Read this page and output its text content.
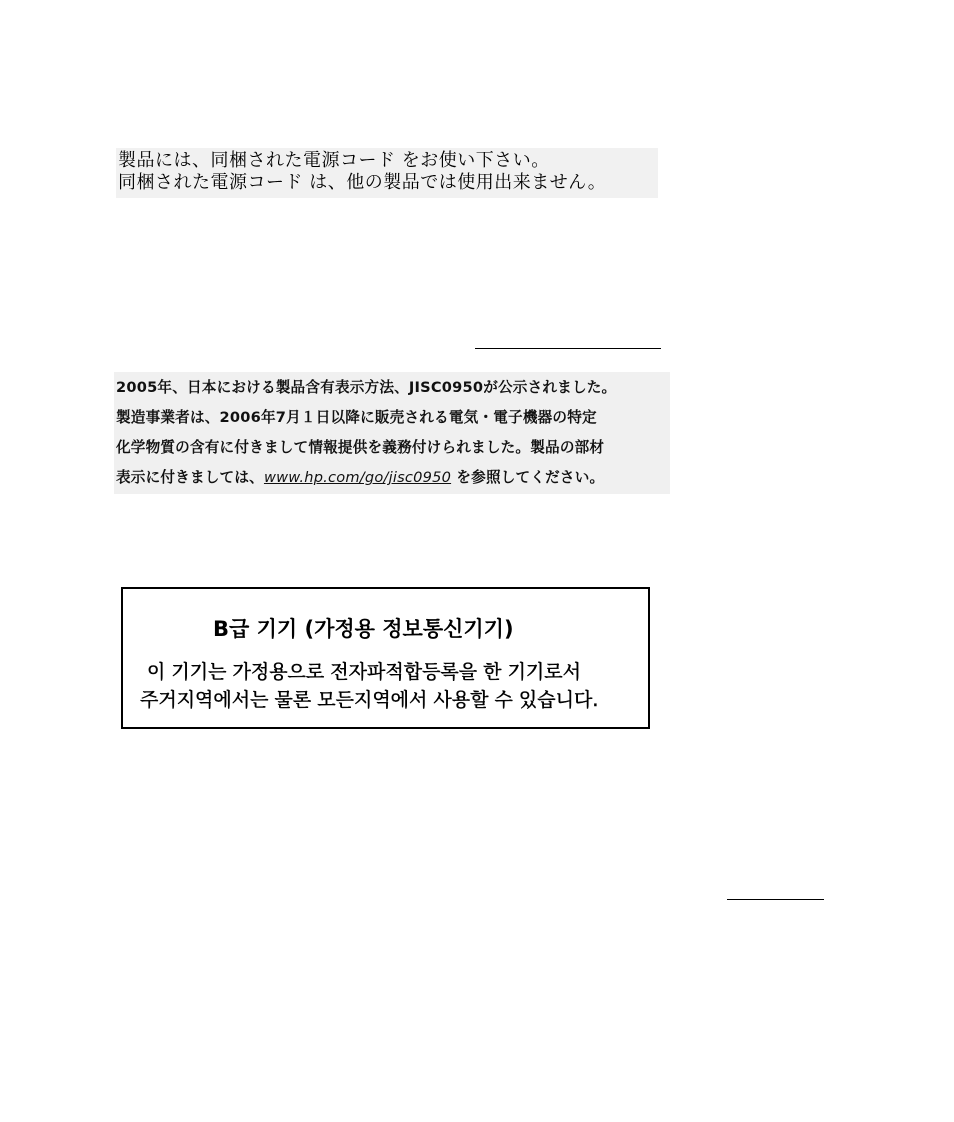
製品には、同梱された電源コード をお使い下さい。
同梱された電源コード は、他の製品では使用出来ません。
2005年、日本における製品含有表示方法、JISC0950が公示されました。
製造事業者は、2006年7月１日以降に販売される電気・電子機器の特定
化学物質の含有に付きまして情報提供を義務付けられました。製品の部材
表示に付きましては、www.hp.com/go/jisc0950 を参照してください。
B급 기기 (가정용 정보통신기기)
이 기기는 가정용으로 전자파적합등록을 한 기기로서
주거지역에서는 물론 모든지역에서 사용할 수 있습니다.
